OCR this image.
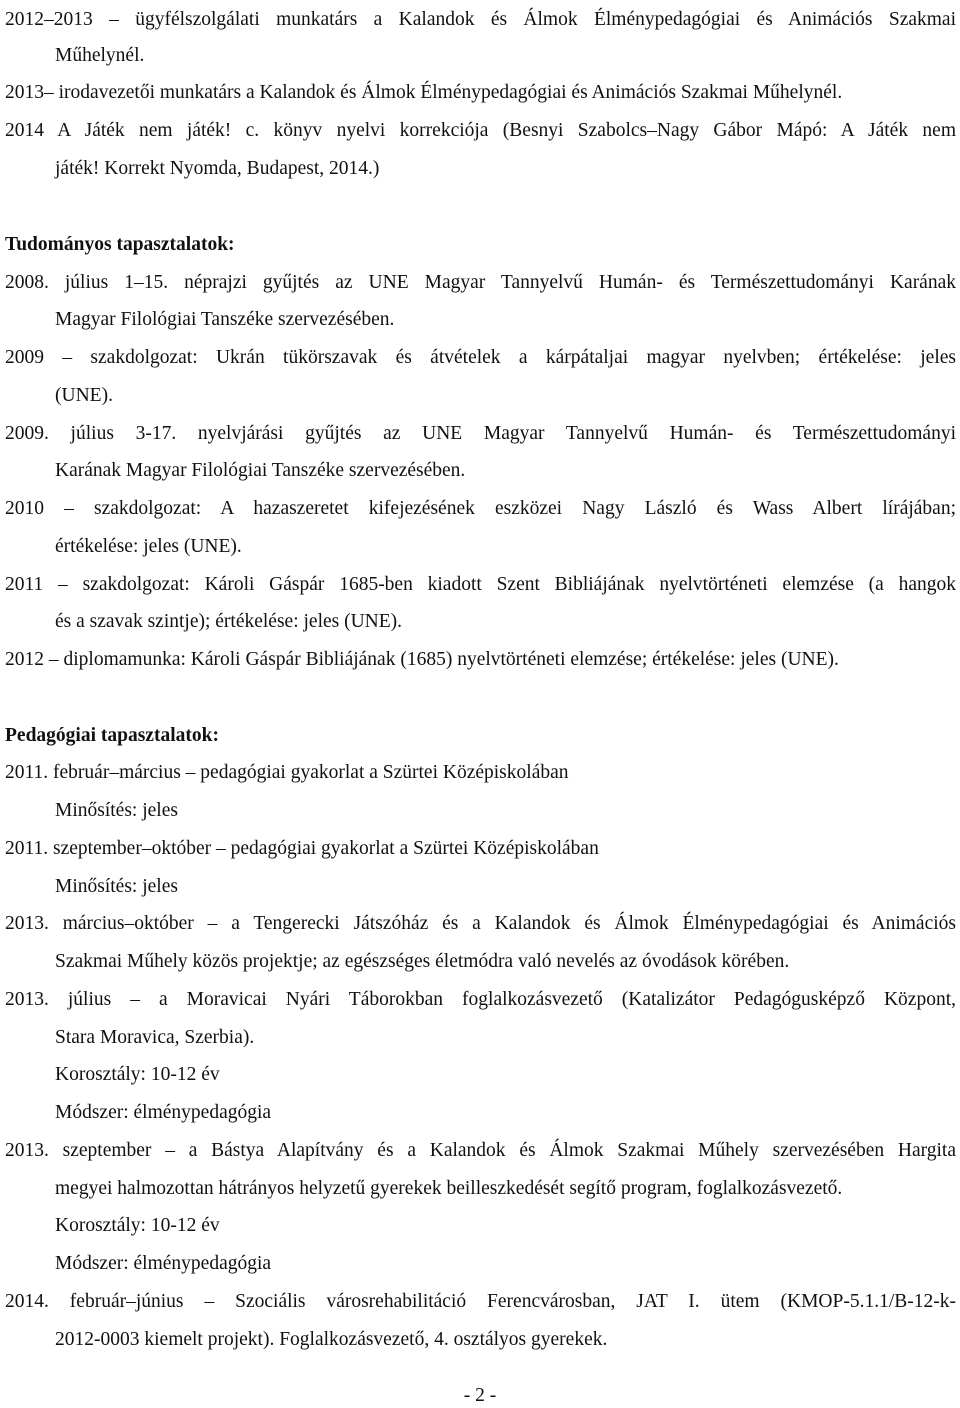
2012–2013 – ügyfélszolgálati munkatárs a Kalandok és Álmok Élménypedagógiai és Animációs Szakmai

Műhelynél.

2013– irodavezetői munkatárs a Kalandok és Álmok Élménypedagógiai és Animációs Szakmai Műhelynél.

2014 A Játék nem játék! c. könyv nyelvi korrekciója (Besnyi Szabolcs–Nagy Gábor Mápó: A Játék nem

játék! Korrekt Nyomda, Budapest, 2014.)

Tudományos tapasztalatok:

2008. július 1–15. néprajzi gyűjtés az UNE Magyar Tannyelvű Humán- és Természettudományi Karának

Magyar Filológiai Tanszéke szervezésében.

2009 – szakdolgozat: Ukrán tükörszavak és átvételek a kárpátaljai magyar nyelvben; értékelése: jeles

(UNE).

2009. július 3-17. nyelvjárási gyűjtés az UNE Magyar Tannyelvű Humán- és Természettudományi

Karának Magyar Filológiai Tanszéke szervezésében.

2010 – szakdolgozat: A hazaszeretet kifejezésének eszközei Nagy László és Wass Albert lírájában;

értékelése: jeles (UNE).

2011 – szakdolgozat: Károli Gáspár 1685-ben kiadott Szent Bibliájának nyelvtörténeti elemzése (a hangok

és a szavak szintje); értékelése: jeles (UNE).

2012 – diplomamunka: Károli Gáspár Bibliájának (1685) nyelvtörténeti elemzése; értékelése: jeles (UNE).

Pedagógiai tapasztalatok:

2011. február–március – pedagógiai gyakorlat a Szürtei Középiskolában

Minősítés: jeles

2011. szeptember–október – pedagógiai gyakorlat a Szürtei Középiskolában

Minősítés: jeles

2013. március–október – a Tengerecki Játszóház és a Kalandok és Álmok Élménypedagógiai és Animációs

Szakmai Műhely közös projektje; az egészséges életmódra való nevelés az óvodások körében.

2013. július – a Moravicai Nyári Táborokban foglalkozásvezető (Katalizátor Pedagógusképző Központ,

Stara Moravica, Szerbia).

Korosztály: 10-12 év

Módszer: élménypedagógia

2013. szeptember – a Bástya Alapítvány és a Kalandok és Álmok Szakmai Műhely szervezésében Hargita

megyei halmozottan hátrányos helyzetű gyerekek beilleszkedését segítő program, foglalkozásvezető.

Korosztály: 10-12 év

Módszer: élménypedagógia

2014. február–június – Szociális városrehabilitáció Ferencvárosban, JAT I. ütem (KMOP-5.1.1/B-12-k-

2012-0003 kiemelt projekt). Foglalkozásvezető, 4. osztályos gyerekek.

- 2 -
